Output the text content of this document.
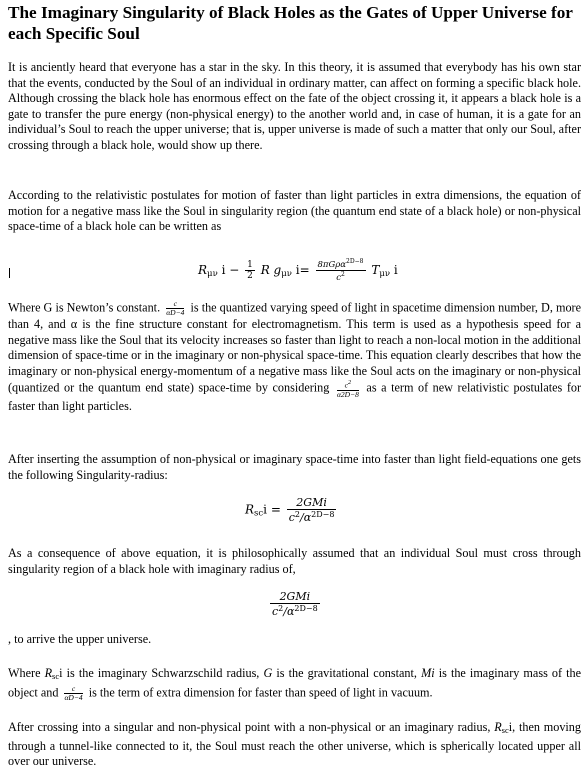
The Imaginary Singularity of Black Holes as the Gates of Upper Universe for each Specific Soul
It is anciently heard that everyone has a star in the sky. In this theory, it is assumed that everybody has his own star that the events, conducted by the Soul of an individual in ordinary matter, can affect on forming a specific black hole. Although crossing the black hole has enormous effect on the fate of the object crossing it, it appears a black hole is a gate to transfer the pure energy (non-physical energy) to the another world and, in case of human, it is a gate for an individual’s Soul to reach the upper universe; that is, upper universe is made of such a matter that only our Soul, after crossing through a black hole, would show up there.
According to the relativistic postulates for motion of faster than light particles in extra dimensions, the equation of motion for a negative mass like the Soul in singularity region (the quantum end state of a black hole) or non-physical space-time of a black hole can be written as
$R_{\mu\nu}$ $i - \frac{1}{2}$ R $g_{\mu\nu}$ $i= \frac{8\pi G\rho\alpha^{2D-8}}{c^2} T_{\mu\nu}$ i
Where G is Newton’s constant. $\frac{c}{\alpha D-4}$ is the quantized varying speed of light in spacetime dimension number, D, more than 4, and α is the fine structure constant for electromagnetism. This term is used as a hypothesis speed for a negative mass like the Soul that its velocity increases so faster than light to reach a non-local motion in the additional dimension of space-time or in the imaginary or non-physical space-time. This equation clearly describes that how the imaginary or non-physical energy-momentum of a negative mass like the Soul acts on the imaginary or non-physical (quantized or the quantum end state) space-time by considering $\frac{c^2}{\alpha 2D-8}$ as a term of new relativistic postulates for faster than light particles.
After inserting the assumption of non-physical or imaginary space-time into faster than light field-equations one gets the following Singularity-radius:
$R_{sc}i = \frac{\text{2GMi}}{c^2/\alpha^{2D-8}}$
As a consequence of above equation, it is philosophically assumed that an individual Soul must cross through singularity region of a black hole with imaginary radius of,
$\frac{\text{2GMi}}{c^2/\alpha^{2D-8}}$
, to arrive the upper universe.
Where $R_{sc}i$ is the imaginary Schwarzschild radius, G is the gravitational constant, Mi is the imaginary mass of the object and $\frac{c}{\alpha D-4}$ is the term of extra dimension for faster than speed of light in vacuum.
After crossing into a singular and non-physical point with a non-physical or an imaginary radius, $R_{sc}i$, then moving through a tunnel-like connected to it, the Soul must reach the other universe, which is spherically located upper all over our universe.
